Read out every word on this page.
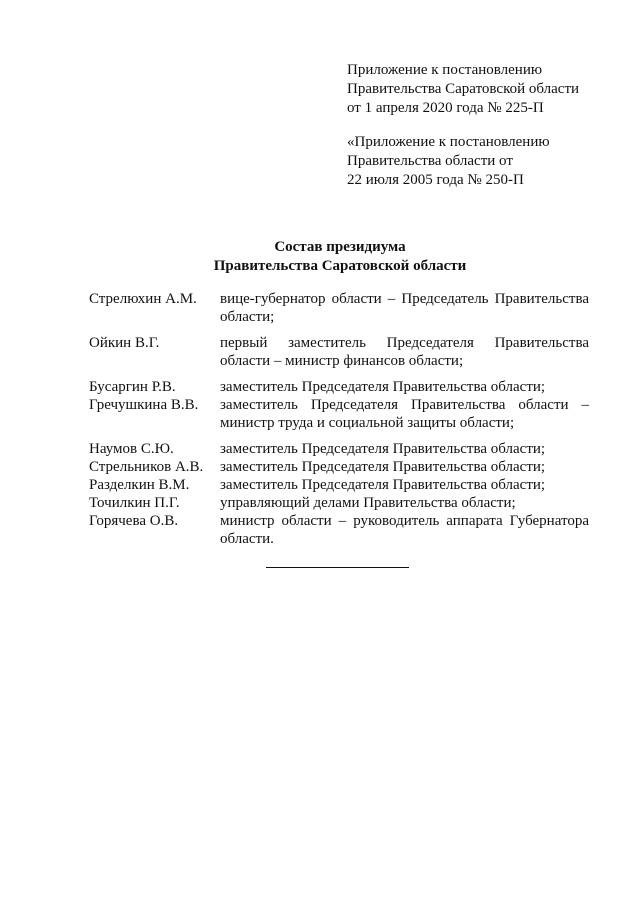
Приложение к постановлению
Правительства Саратовской области
от 1 апреля 2020 года № 225-П
«Приложение к постановлению
Правительства области от
22 июля 2005 года № 250-П
Состав президиума
Правительства Саратовской области
Стрелюхин А.М. вице-губернатор области – Председатель Правительства области;
Ойкин В.Г.	первый заместитель Председателя Правительства области – министр финансов области;
Бусаргин Р.В.	заместитель Председателя Правительства области;
Гречушкина В.В. заместитель Председателя Правительства области – министр труда и социальной защиты области;
Наумов С.Ю.	заместитель Председателя Правительства области;
Стрельников А.В. заместитель Председателя Правительства области;
Разделкин В.М. заместитель Председателя Правительства области;
Точилкин П.Г.	управляющий делами Правительства области;
Горячева О.В.	министр области – руководитель аппарата Губернатора области.
